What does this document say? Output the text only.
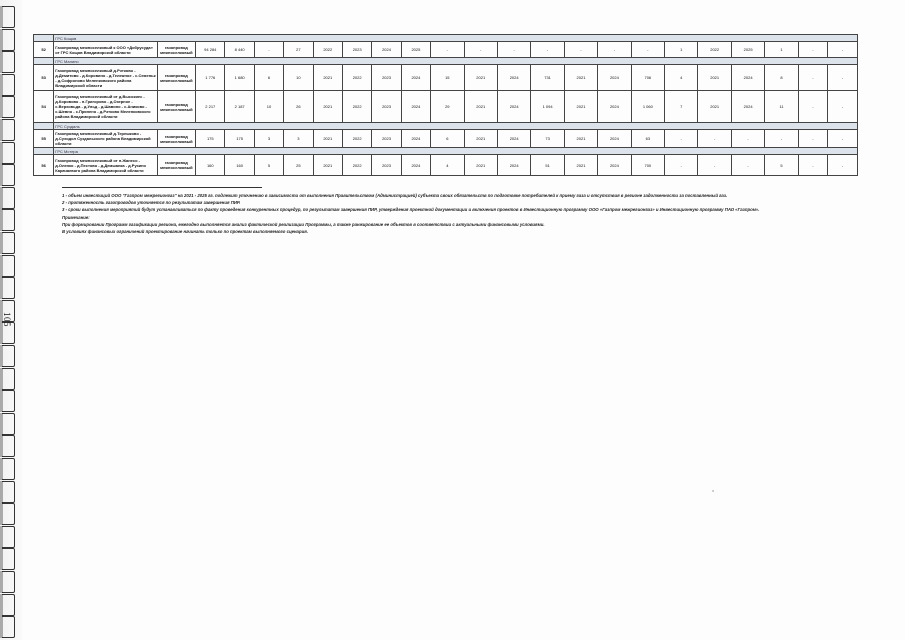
105
	ГРС Кощов																						
52	Газопровод межпоселковый к ООО «Добрусуда» от ГРС Кощов Владимирской области	газопровод межпоселковый	94 284	8 440	-	27	2022	2023	2024	2025	-	-	-	-	-	-	-	1	2022	2025	1	-	-
	ГРС Малино																						
53	Газопровод межпоселковый д.Рэтково - д.Демитово - д.Коровино - д.Тележное - с.Семеньк - д.Софроново Меленковского района Владимирской области	газопровод межпоселковый	1 776	1 680	6	10	2021	2022	2023	2024	15	2021	2024	731	2021	2024	706	4	2021	2024	8	-	-
54	Газопровод межпоселковый от д.Высокиес - д.Коровово - п.Григорово - д.Озерное - с.Верховьда - д.Ульд - д.Шавино - с.Аниково - с.Шевно - с.Прянено - д.Рэтково Меленковского района Владимирской области	газопровод межпоселковый	2 217	2 187	10	26	2021	2022	2023	2024	29	2021	2024	1 094	2021	2024	1 060	7	2021	2024	11	-	-
	ГРС Суздаль																						
55	Газопровод межпоселковый д.Терешково - д.Суходол Суздальского района Владимирской области	газопровод межпоселковый	175	175	3	3	2021	2022	2023	2024	6	2021	2024	73	2021	2024	63	-	-	-	-	-	-
	ГРС Мстера																						
56	Газопровод межпоселковый от п.Жанесо - д.Оленко - д.Пестово - д.Демшанка - д.Рузино Карачаевого района Владимирской области	газопровод межпоселковый	160	160	5	25	2021	2022	2023	2024	4	2021	2024	51	2021	2024	700	-	-	-	5	-	-
1 - объем инвестиций ООО "Газпром межрегионгаз" на 2021 - 2025 гг. подлежит уточнению в зависимости от выполнения Правительством (Администрацией) субъекта своих обязательств по подготовке потребителей к приему газа и отсутствия в регионе задолженности за поставленный газ.
2 - протяженность газопроводов уточняется по результатам завершения ПИР.
3 - сроки выполнения мероприятий будут устанавливаться по факту проведения конкурентных процедур, по результатам завершения ПИР, утверждения проектной документации и включения проектов в Инвестиционную программу ООО «Газпром межрегионгаз» и Инвестиционную программу ПАО «Газпром».
Примечание:
При формировании Программ газификации региона, ежегодно выполняется анализ фактической реализации Программы, а также ранжирование ее объектов в соответствии с актуальными финансовыми условиями.
В условиях финансовых ограничений проектирование начинать только по проектам выполняемого сценария.
⸴
